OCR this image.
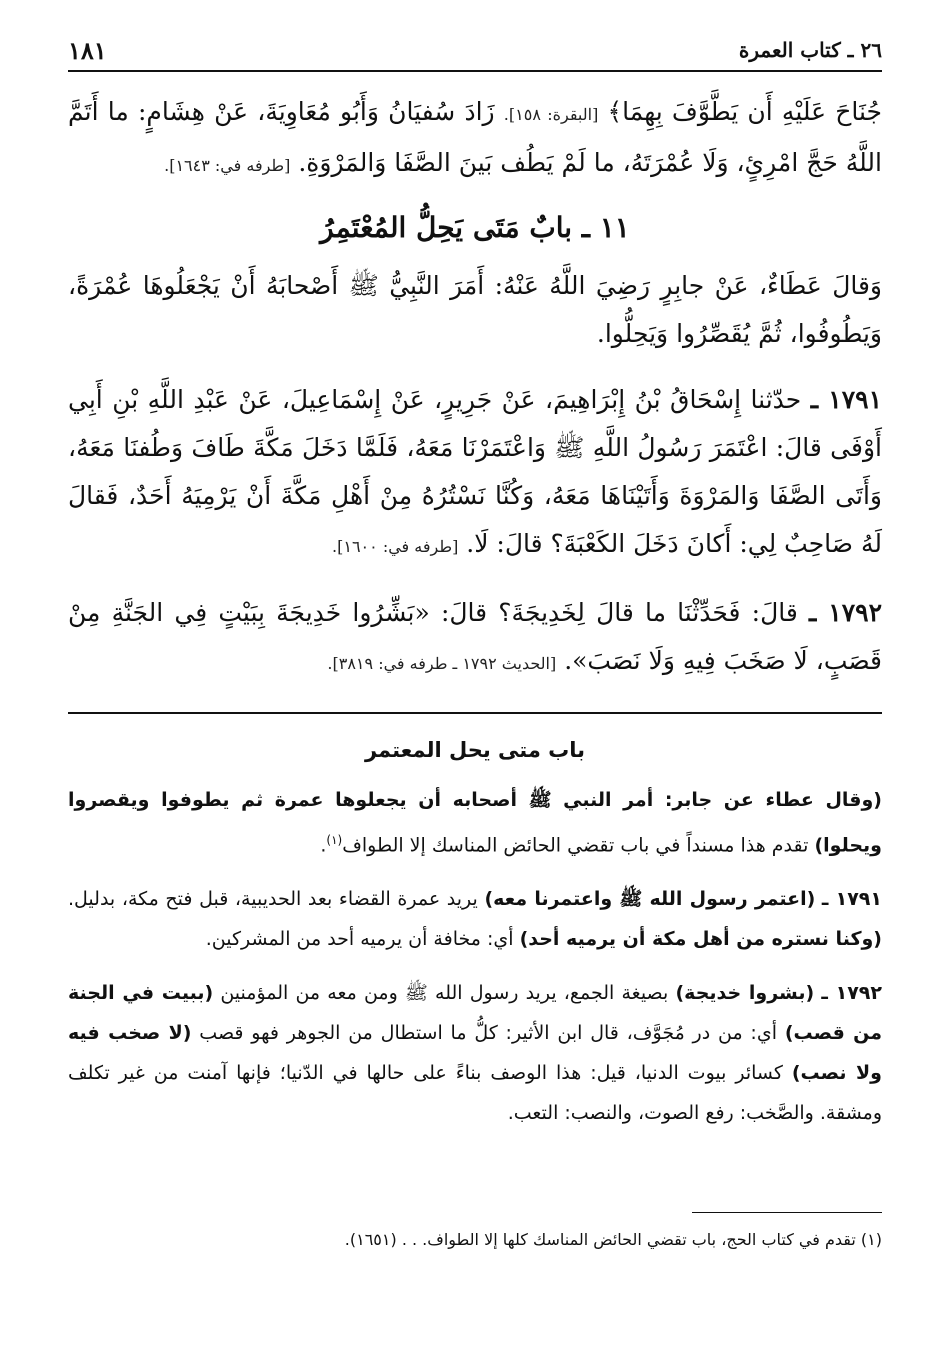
١٨١	٢٦ ـ كتاب العمرة

جُنَاحَ عَلَيْهِ أَن يَطَّوَّفَ بِهِمَا﴾ [البقرة: ١٥٨]. زَادَ سُفيَانُ وَأَبُو مُعَاوِيَةَ، عَنْ هِشَامٍ: ما أَتَمَّ اللَّهُ حَجَّ امْرِئٍ، وَلَا عُمْرَتَهُ، ما لَمْ يَطُف بَينَ الصَّفَا وَالمَرْوَةِ. [طرفه في: ١٦٤٣].

١١ ـ بابٌ مَتَى يَحِلُّ المُعْتَمِرُ

وَقالَ عَطَاءٌ، عَنْ جابِرٍ رَضِيَ اللَّهُ عَنْهُ: أَمَرَ النَّبِيُّ ﷺ أَصْحابَهُ أَنْ يَجْعَلُوهَا عُمْرَةً، وَيَطُوفُوا، ثُمَّ يُقَصِّرُوا وَيَحِلُّوا.

١٧٩١ ـ حدّثنا إِسْحَاقُ بْنُ إِبْرَاهِيمَ، عَنْ جَرِيرٍ، عَنْ إِسْمَاعِيلَ، عَنْ عَبْدِ اللَّهِ بْنِ أَبِي أَوْفَى قالَ: اعْتَمَرَ رَسُولُ اللَّهِ ﷺ وَاعْتَمَرْنَا مَعَهُ، فَلَمَّا دَخَلَ مَكَّةَ طَافَ وَطُفنَا مَعَهُ، وَأَتَى الصَّفَا وَالمَرْوَةَ وَأَتَيْنَاهَا مَعَهُ، وَكُنَّا نَسْتُرُهُ مِنْ أَهْلِ مَكَّةَ أَنْ يَرْمِيَهُ أَحَدٌ، فَقالَ لَهُ صَاحِبٌ لِي: أَكانَ دَخَلَ الكَعْبَةَ؟ قالَ: لَا. [طرفه في: ١٦٠٠].

١٧٩٢ ـ قالَ: فَحَدِّثْنَا ما قالَ لِخَدِيجَةَ؟ قالَ: «بَشِّرُوا خَدِيجَةَ بِبَيْتٍ فِي الجَنَّةِ مِنْ قَصَبٍ، لَا صَخَبَ فِيهِ وَلَا نَصَبَ». [الحديث ١٧٩٢ ـ طرفه في: ٣٨١٩].

باب متى يحل المعتمر

(وقال عطاء عن جابر: أمر النبي ﷺ أصحابه أن يجعلوها عمرة ثم يطوفوا ويقصروا ويحلوا) تقدم هذا مسنداً في باب تقضي الحائض المناسك إلا الطواف$^{(١)}$.

١٧٩١ ـ (اعتمر رسول الله ﷺ واعتمرنا معه) يريد عمرة القضاء بعد الحديبية، قبل فتح مكة، بدليل. (وكنا نستره من أهل مكة أن يرميه أحد) أي: مخافة أن يرميه أحد من المشركين.

١٧٩٢ ـ (بشروا خديجة) بصيغة الجمع، يريد رسول الله ﷺ ومن معه من المؤمنين (ببيت في الجنة من قصب) أي: من در مُجَوَّف، قال ابن الأثير: كلُّ ما استطال من الجوهر فهو قصب (لا صخب فيه ولا نصب) كسائر بيوت الدنيا، قيل: هذا الوصف بناءً على حالها في الدّنيا؛ فإنها آمنت من غير تكلف ومشقة. والصَّخب: رفع الصوت، والنصب: التعب.

(١) تقدم في كتاب الحج، باب تقضي الحائض المناسك كلها إلا الطواف. . . (١٦٥١).
